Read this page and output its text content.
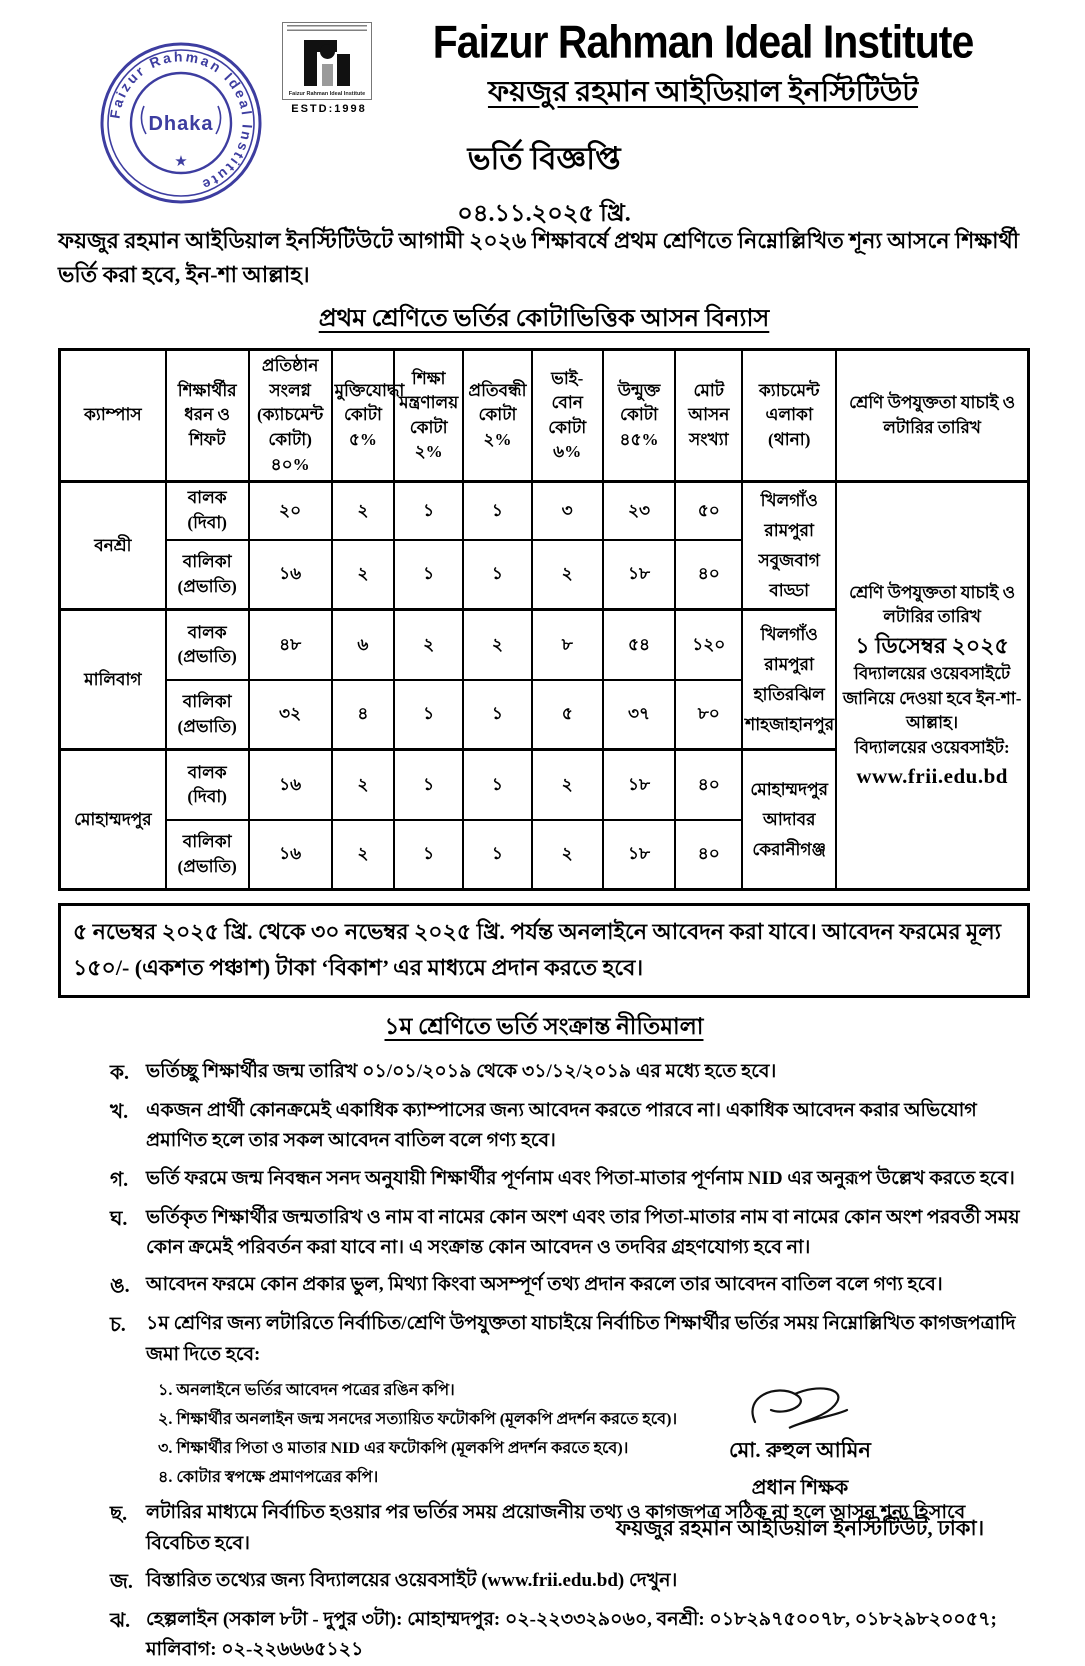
Faizur Rahman Ideal Institute
Dhaka
★
Faizur Rahman Ideal Institute
ESTD:1998
Faizur Rahman Ideal Institute
ফয়জুর রহমান আইডিয়াল ইনস্টিটিউট
ভর্তি বিজ্ঞপ্তি
০৪.১১.২০২৫ খ্রি.
ফয়জুর রহমান আইডিয়াল ইনস্টিটিউটে আগামী ২০২৬ শিক্ষাবর্ষে প্রথম শ্রেণিতে নিম্নোল্লিখিত শূন্য আসনে শিক্ষার্থী ভর্তি করা হবে, ইন-শা আল্লাহ।
প্রথম শ্রেণিতে ভর্তির কোটাভিত্তিক আসন বিন্যাস
ক্যাম্পাস	শিক্ষার্থীর ধরন ও শিফট	প্রতিষ্ঠান সংলগ্ন (ক্যাচমেন্ট কোটা) ৪০%	মুক্তিযোদ্ধা কোটা ৫%	শিক্ষা মন্ত্রণালয় কোটা ২%	প্রতিবন্ধী কোটা ২%	ভাই- বোন কোটা ৬%	উন্মুক্ত কোটা ৪৫%	মোট আসন সংখ্যা	ক্যাচমেন্ট এলাকা (থানা)	শ্রেণি উপযুক্ততা যাচাই ও লটারির তারিখ
বনশ্রী	বালক (দিবা)	২০	২	১	১	৩	২৩	৫০	খিলগাঁও
রামপুরা
সবুজবাগ
বাড্ডা	শ্রেণি উপযুক্ততা যাচাই ও লটারির তারিখ
১ ডিসেম্বর ২০২৫
বিদ্যালয়ের ওয়েবসাইটে জানিয়ে দেওয়া হবে ইন-শা-আল্লাহ।
বিদ্যালয়ের ওয়েবসাইট:
www.frii.edu.bd

	বালিকা (প্রভাতি)	১৬	২	১	১	২	১৮	৪০		
মালিবাগ	বালক (প্রভাতি)	৪৮	৬	২	২	৮	৫৪	১২০	খিলগাঁও
রামপুরা
হাতিরঝিল
শাহজাহানপুর	

	বালিকা (প্রভাতি)	৩২	৪	১	১	৫	৩৭	৮০		
মোহাম্মদপুর	বালক (দিবা)	১৬	২	১	১	২	১৮	৪০	মোহাম্মদপুর
আদাবর
কেরানীগঞ্জ	

	বালিকা (প্রভাতি)	১৬	২	১	১	২	১৮	৪০		
৫ নভেম্বর ২০২৫ খ্রি. থেকে ৩০ নভেম্বর ২০২৫ খ্রি. পর্যন্ত অনলাইনে আবেদন করা যাবে। আবেদন ফরমের মূল্য ১৫০/- (একশত পঞ্চাশ) টাকা ‘বিকাশ’ এর মাধ্যমে প্রদান করতে হবে।
১ম শ্রেণিতে ভর্তি সংক্রান্ত নীতিমালা
ক. ভর্তিচ্ছু শিক্ষার্থীর জন্ম তারিখ ০১/০১/২০১৯ থেকে ৩১/১২/২০১৯ এর মধ্যে হতে হবে।
খ. একজন প্রার্থী কোনক্রমেই একাধিক ক্যাম্পাসের জন্য আবেদন করতে পারবে না। একাধিক আবেদন করার অভিযোগ প্রমাণিত হলে তার সকল আবেদন বাতিল বলে গণ্য হবে।
গ. ভর্তি ফরমে জন্ম নিবন্ধন সনদ অনুযায়ী শিক্ষার্থীর পূর্ণনাম এবং পিতা-মাতার পূর্ণনাম NID এর অনুরূপ উল্লেখ করতে হবে।
ঘ. ভর্তিকৃত শিক্ষার্থীর জন্মতারিখ ও নাম বা নামের কোন অংশ এবং তার পিতা-মাতার নাম বা নামের কোন অংশ পরবর্তী সময় কোন ক্রমেই পরিবর্তন করা যাবে না। এ সংক্রান্ত কোন আবেদন ও তদবির গ্রহণযোগ্য হবে না।
ঙ. আবেদন ফরমে কোন প্রকার ভুল, মিথ্যা কিংবা অসম্পূর্ণ তথ্য প্রদান করলে তার আবেদন বাতিল বলে গণ্য হবে।
চ.	১ম শ্রেণির জন্য লটারিতে নির্বাচিত/শ্রেণি উপযুক্ততা যাচাইয়ে নির্বাচিত শিক্ষার্থীর ভর্তির সময় নিম্নোল্লিখিত কাগজপত্রাদি জমা দিতে হবে:
১. অনলাইনে ভর্তির আবেদন পত্রের রঙিন কপি।
২. শিক্ষার্থীর অনলাইন জন্ম সনদের সত্যায়িত ফটোকপি (মূলকপি প্রদর্শন করতে হবে)।
৩. শিক্ষার্থীর পিতা ও মাতার NID এর ফটোকপি (মূলকপি প্রদর্শন করতে হবে)।
৪. কোটার স্বপক্ষে প্রমাণপত্রের কপি।
ছ. লটারির মাধ্যমে নির্বাচিত হওয়ার পর ভর্তির সময় প্রয়োজনীয় তথ্য ও কাগজপত্র সঠিক না হলে আসন শূন্য হিসাবে বিবেচিত হবে।
জ. বিস্তারিত তথ্যের জন্য বিদ্যালয়ের ওয়েবসাইট (www.frii.edu.bd) দেখুন।
ঝ. হেল্পলাইন (সকাল ৮টা - দুপুর ৩টা): মোহাম্মদপুর: ০২-২২৩৩২৯০৬০, বনশ্রী: ০১৮২৯৭৫০০৭৮, ০১৮২৯৮২০০৫৭; মালিবাগ: ০২-২২৬৬৬৫১২১
মো. রুহুল আমিন
প্রধান শিক্ষক
ফয়জুর রহমান আইডিয়াল ইনস্টিটিউট, ঢাকা।
